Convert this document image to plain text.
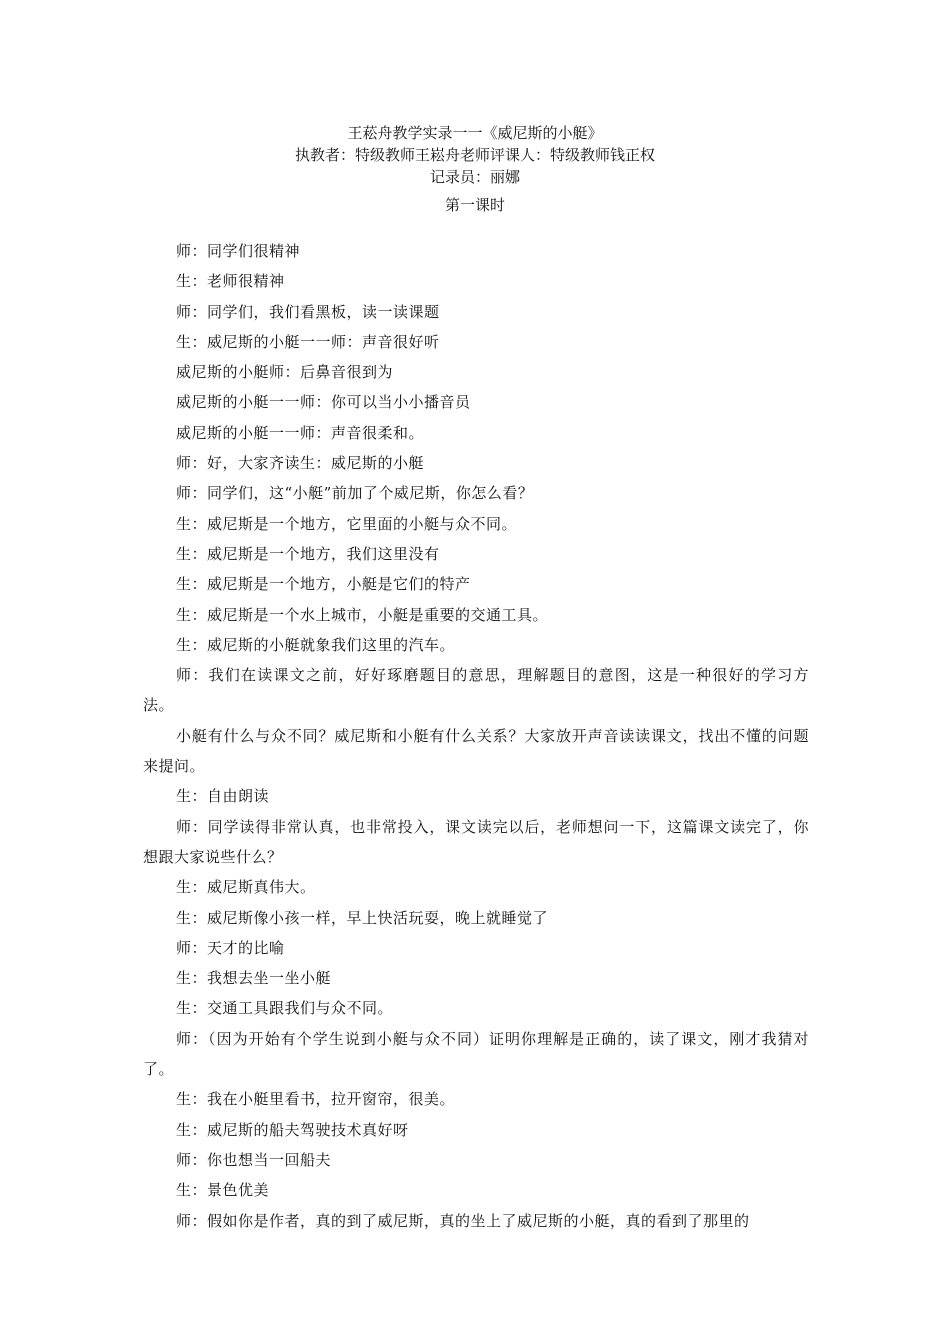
王菘舟教学实录一一《威尼斯的小艇》
执教者：特级教师王崧舟老师评课人：特级教师钱正权
记录员：丽娜
第一课时

师：同学们很精神

生：老师很精神

师：同学们，我们看黑板，读一读课题

生：威尼斯的小艇一一师：声音很好听

威尼斯的小艇师：后鼻音很到为

威尼斯的小艇一一师：你可以当小小播音员

威尼斯的小艇一一师：声音很柔和。

师：好，大家齐读生：威尼斯的小艇

师：同学们，这“小艇”前加了个威尼斯，你怎么看？

生：威尼斯是一个地方，它里面的小艇与众不同。

生：威尼斯是一个地方，我们这里没有

生：威尼斯是一个地方，小艇是它们的特产

生：威尼斯是一个水上城市，小艇是重要的交通工具。

生：威尼斯的小艇就象我们这里的汽车。

师：我们在读课文之前，好好琢磨题目的意思，理解题目的意图，这是一种很好的学习方法。

小艇有什么与众不同？威尼斯和小艇有什么关系？大家放开声音读读课文，找出不懂的问题来提问。

生：自由朗读

师：同学读得非常认真，也非常投入，课文读完以后，老师想问一下，这篇课文读完了，你想跟大家说些什么？

生：威尼斯真伟大。

生：威尼斯像小孩一样，早上快活玩耍，晚上就睡觉了

师：天才的比喻

生：我想去坐一坐小艇

生：交通工具跟我们与众不同。

师：（因为开始有个学生说到小艇与众不同）证明你理解是正确的，读了课文，刚才我猜对了。

生：我在小艇里看书，拉开窗帘，很美。

生：威尼斯的船夫驾驶技术真好呀

师：你也想当一回船夫

生：景色优美

师：假如你是作者，真的到了威尼斯，真的坐上了威尼斯的小艇，真的看到了那里的
